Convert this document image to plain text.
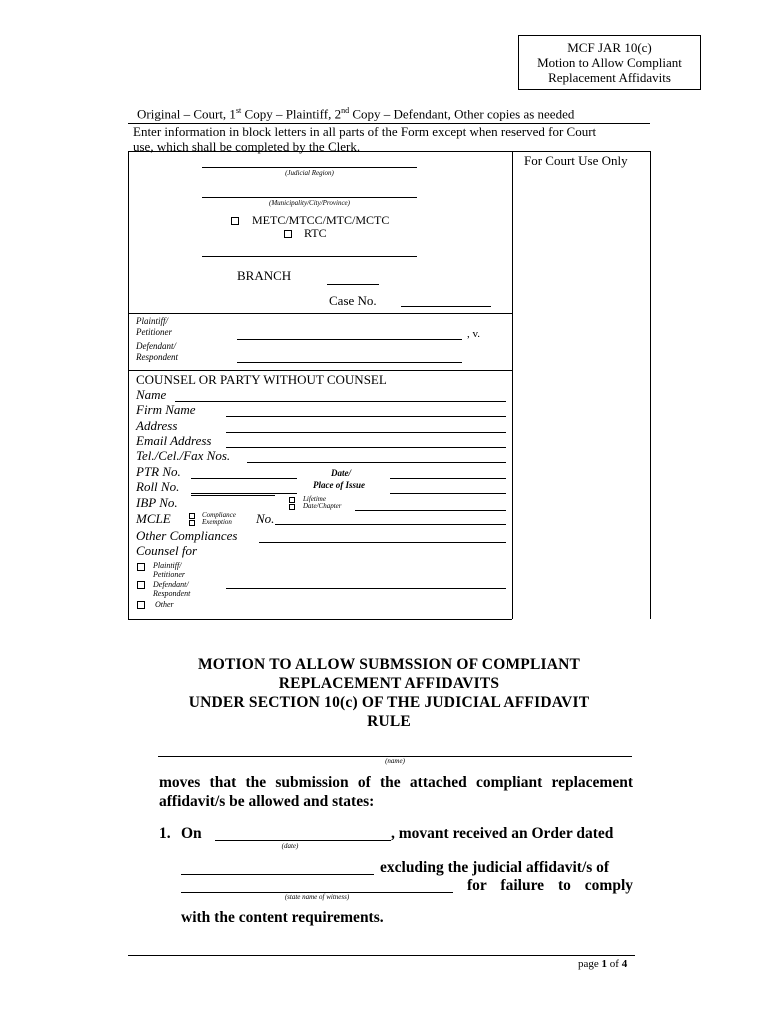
MCF JAR 10(c)
Motion to Allow Compliant
Replacement Affidavits
Original – Court, 1st Copy – Plaintiff, 2nd Copy – Defendant, Other copies as needed
Enter information in block letters in all parts of the Form except when reserved for Court
use, which shall be completed by the Clerk.
For Court Use Only
(Judicial Region)
(Municipality/City/Province)
METC/MTCC/MTC/MCTC
RTC
BRANCH
Case No.
Plaintiff/
Petitioner	, v.
Defendant/
Respondent
COUNSEL OR PARTY WITHOUT COUNSEL
Name
Firm Name
Address
Email Address
Tel./Cel./Fax Nos.
PTR No.	Date/
Roll No.	Place of Issue
IBP No.	Lifetime
Date/Chapter
MCLE	Compliance
Exemption No.
Other Compliances
Counsel for
Plaintiff/
Petitioner
Defendant/
Respondent
Other
MOTION TO ALLOW SUBMSSION OF COMPLIANT
REPLACEMENT AFFIDAVITS
UNDER SECTION 10(c) OF THE JUDICIAL AFFIDAVIT
RULE
(name)
moves that the submission of the attached compliant replacement
affidavit/s be allowed and states:
1. On	, movant received an Order dated
(date)
excluding the judicial affidavit/s of
for failure to comply
(state name of witness)
with the content requirements.
page 1 of 4
